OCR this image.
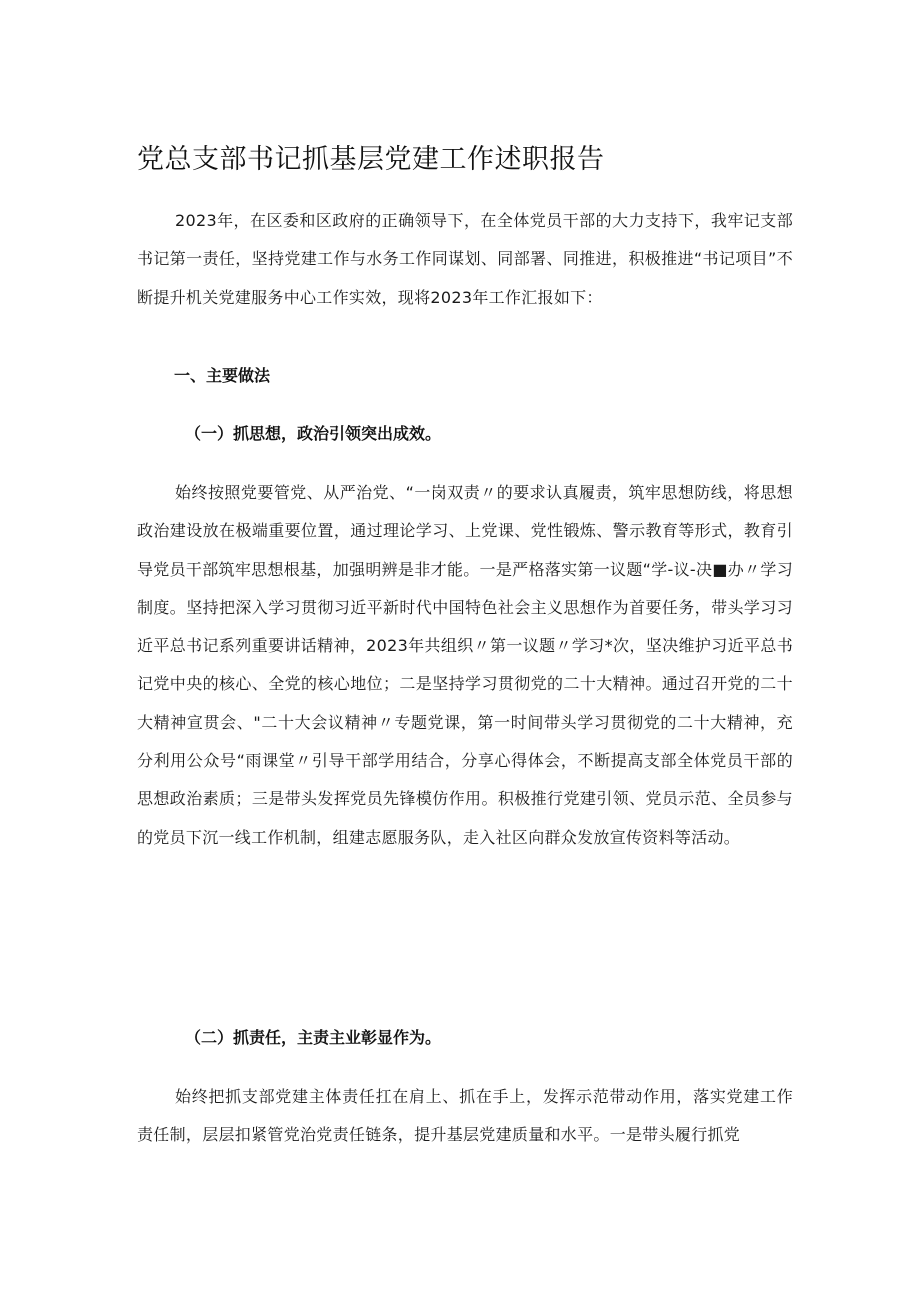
党总支部书记抓基层党建工作述职报告

2023年，在区委和区政府的正确领导下，在全体党员干部的大力支持下，我牢记支部书记第一责任，坚持党建工作与水务工作同谋划、同部署、同推进，积极推进“书记项目”不断提升机关党建服务中心工作实效，现将2023年工作汇报如下：

一、主要做法
（一）抓思想，政治引领突出成效。

始终按照党要管党、从严治党、“一岗双责〃的要求认真履责，筑牢思想防线，将思想政治建设放在极端重要位置，通过理论学习、上党课、党性锻炼、警示教育等形式，教育引导党员干部筑牢思想根基，加强明辨是非才能。一是严格落实第一议题“学-议-决■办〃学习制度。坚持把深入学习贯彻习近平新时代中国特色社会主义思想作为首要任务，带头学习习近平总书记系列重要讲话精神，2023年共组织〃第一议题〃学习*次，坚决维护习近平总书记党中央的核心、全党的核心地位；二是坚持学习贯彻党的二十大精神。通过召开党的二十大精神宣贯会、"二十大会议精神〃专题党课，第一时间带头学习贯彻党的二十大精神，充分利用公众号“雨课堂〃引导干部学用结合，分享心得体会，不断提高支部全体党员干部的思想政治素质；三是带头发挥党员先锋模仿作用。积极推行党建引领、党员示范、全员参与的党员下沉一线工作机制，组建志愿服务队，走入社区向群众发放宣传资料等活动。

（二）抓责任，主责主业彰显作为。

始终把抓支部党建主体责任扛在肩上、抓在手上，发挥示范带动作用，落实党建工作责任制，层层扣紧管党治党责任链条，提升基层党建质量和水平。一是带头履行抓党
